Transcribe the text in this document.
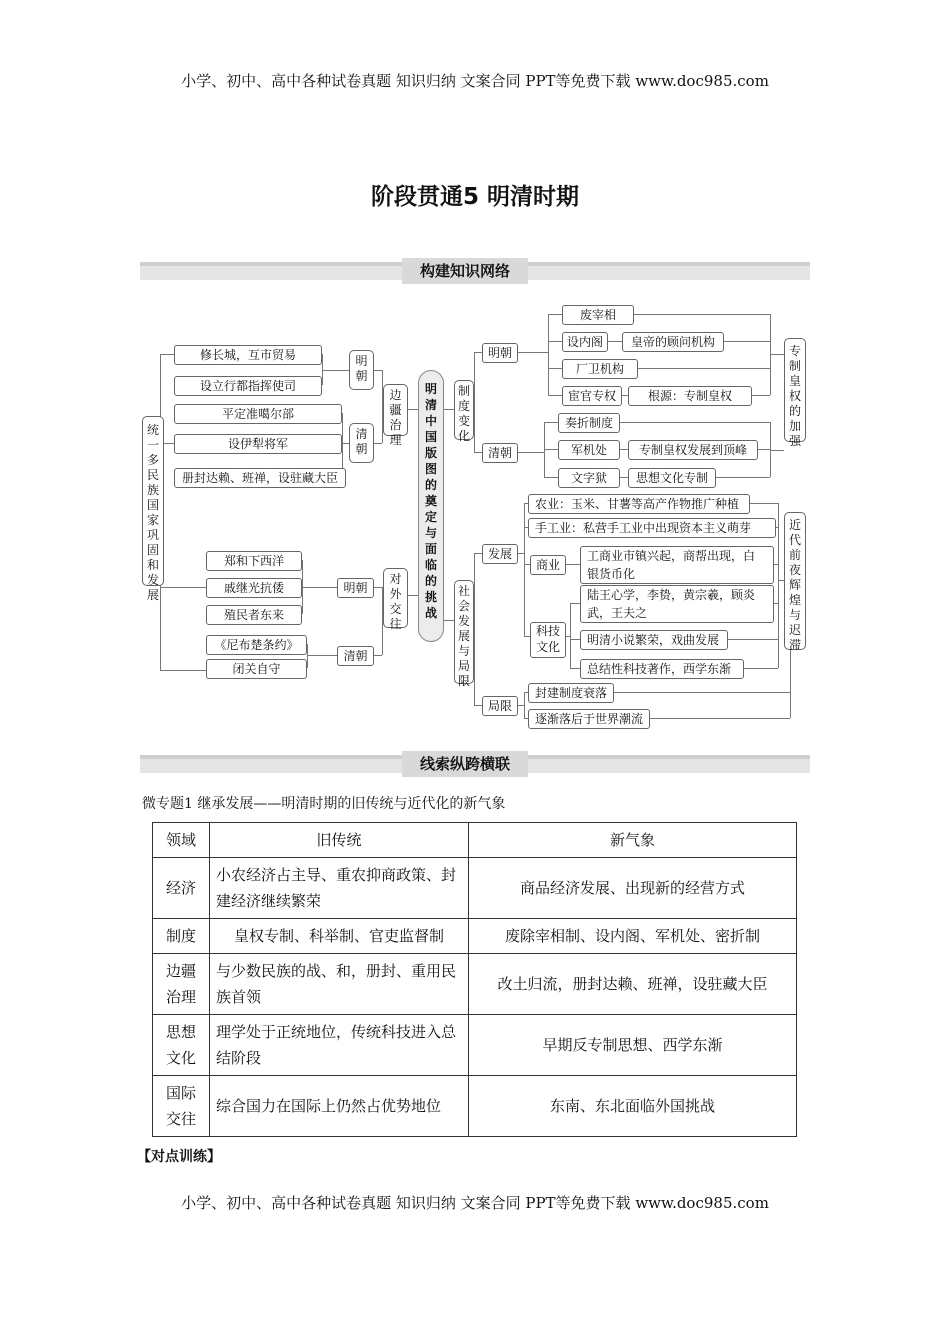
小学、初中、高中各种试卷真题 知识归纳 文案合同 PPT等免费下载 www.doc985.com
阶段贯通5 明清时期
构建知识网络
统一多民族国家巩固和发展
修长城，互市贸易
设立行都指挥使司
平定准噶尔部
设伊犁将军
册封达赖、班禅，设驻藏大臣
明朝
清朝
边疆治理
郑和下西洋
戚继光抗倭
殖民者东来
《尼布楚条约》
闭关自守
明朝
清朝
对外交往
明清中国版图的奠定与面临的挑战
制度变化
明朝
清朝
废宰相
设内阁	皇帝的顾问机构
厂卫机构
宦官专权	根源：专制皇权
奏折制度
军机处	专制皇权发展到顶峰
文字狱	思想文化专制
专制皇权的加强
社会发展与局限
发展
农业：玉米、甘薯等高产作物推广种植
手工业：私营手工业中出现资本主义萌芽
商业
工商业市镇兴起，商帮出现，白
银货币化
科技文化
陆王心学，李贽，黄宗羲，顾炎
武，王夫之
明清小说繁荣，戏曲发展
总结性科技著作，西学东渐
近代前夜辉煌与迟滞
局限
封建制度衰落
逐渐落后于世界潮流
线索纵跨横联
微专题1 继承发展——明清时期的旧传统与近代化的新气象
领域	旧传统	新气象
经济	小农经济占主导、重农抑商政策、封建经济继续繁荣	商品经济发展、出现新的经营方式
制度	皇权专制、科举制、官吏监督制	废除宰相制、设内阁、军机处、密折制
边疆治理	与少数民族的战、和，册封、重用民族首领	改土归流，册封达赖、班禅，设驻藏大臣
思想文化	理学处于正统地位，传统科技进入总结阶段	早期反专制思想、西学东渐
国际交往	综合国力在国际上仍然占优势地位	东南、东北面临外国挑战
【对点训练】
小学、初中、高中各种试卷真题 知识归纳 文案合同 PPT等免费下载 www.doc985.com
